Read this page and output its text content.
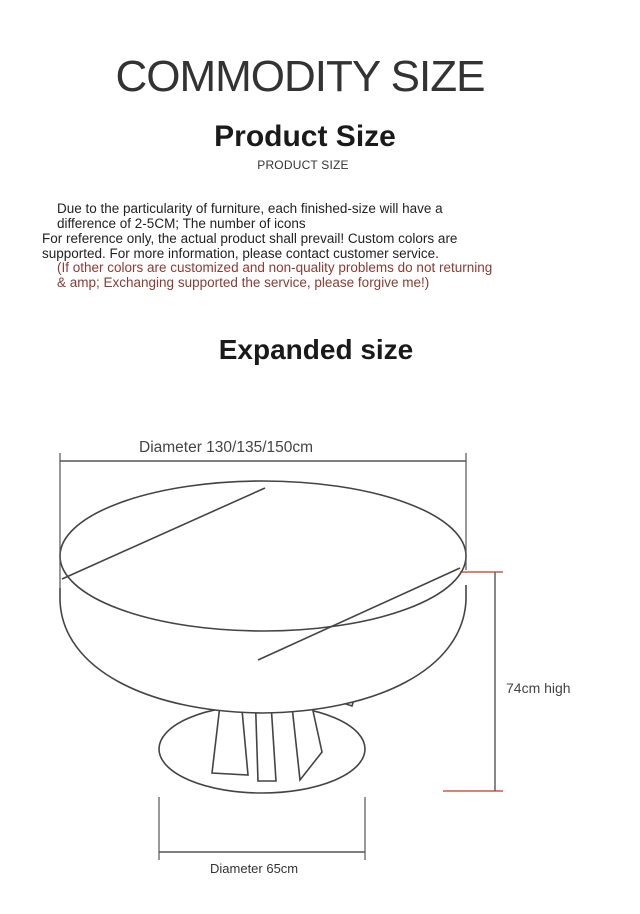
COMMODITY SIZE
Product Size
PRODUCT SIZE
Due to the particularity of furniture, each finished-size will have a
difference of 2-5CM; The number of icons
For reference only, the actual product shall prevail! Custom colors are
supported. For more information, please contact customer service.
(If other colors are customized and non-quality problems do not returning
& amp; Exchanging supported the service, please forgive me!)
Expanded size
Diameter 130/135/150cm
74cm high
Diameter 65cm
